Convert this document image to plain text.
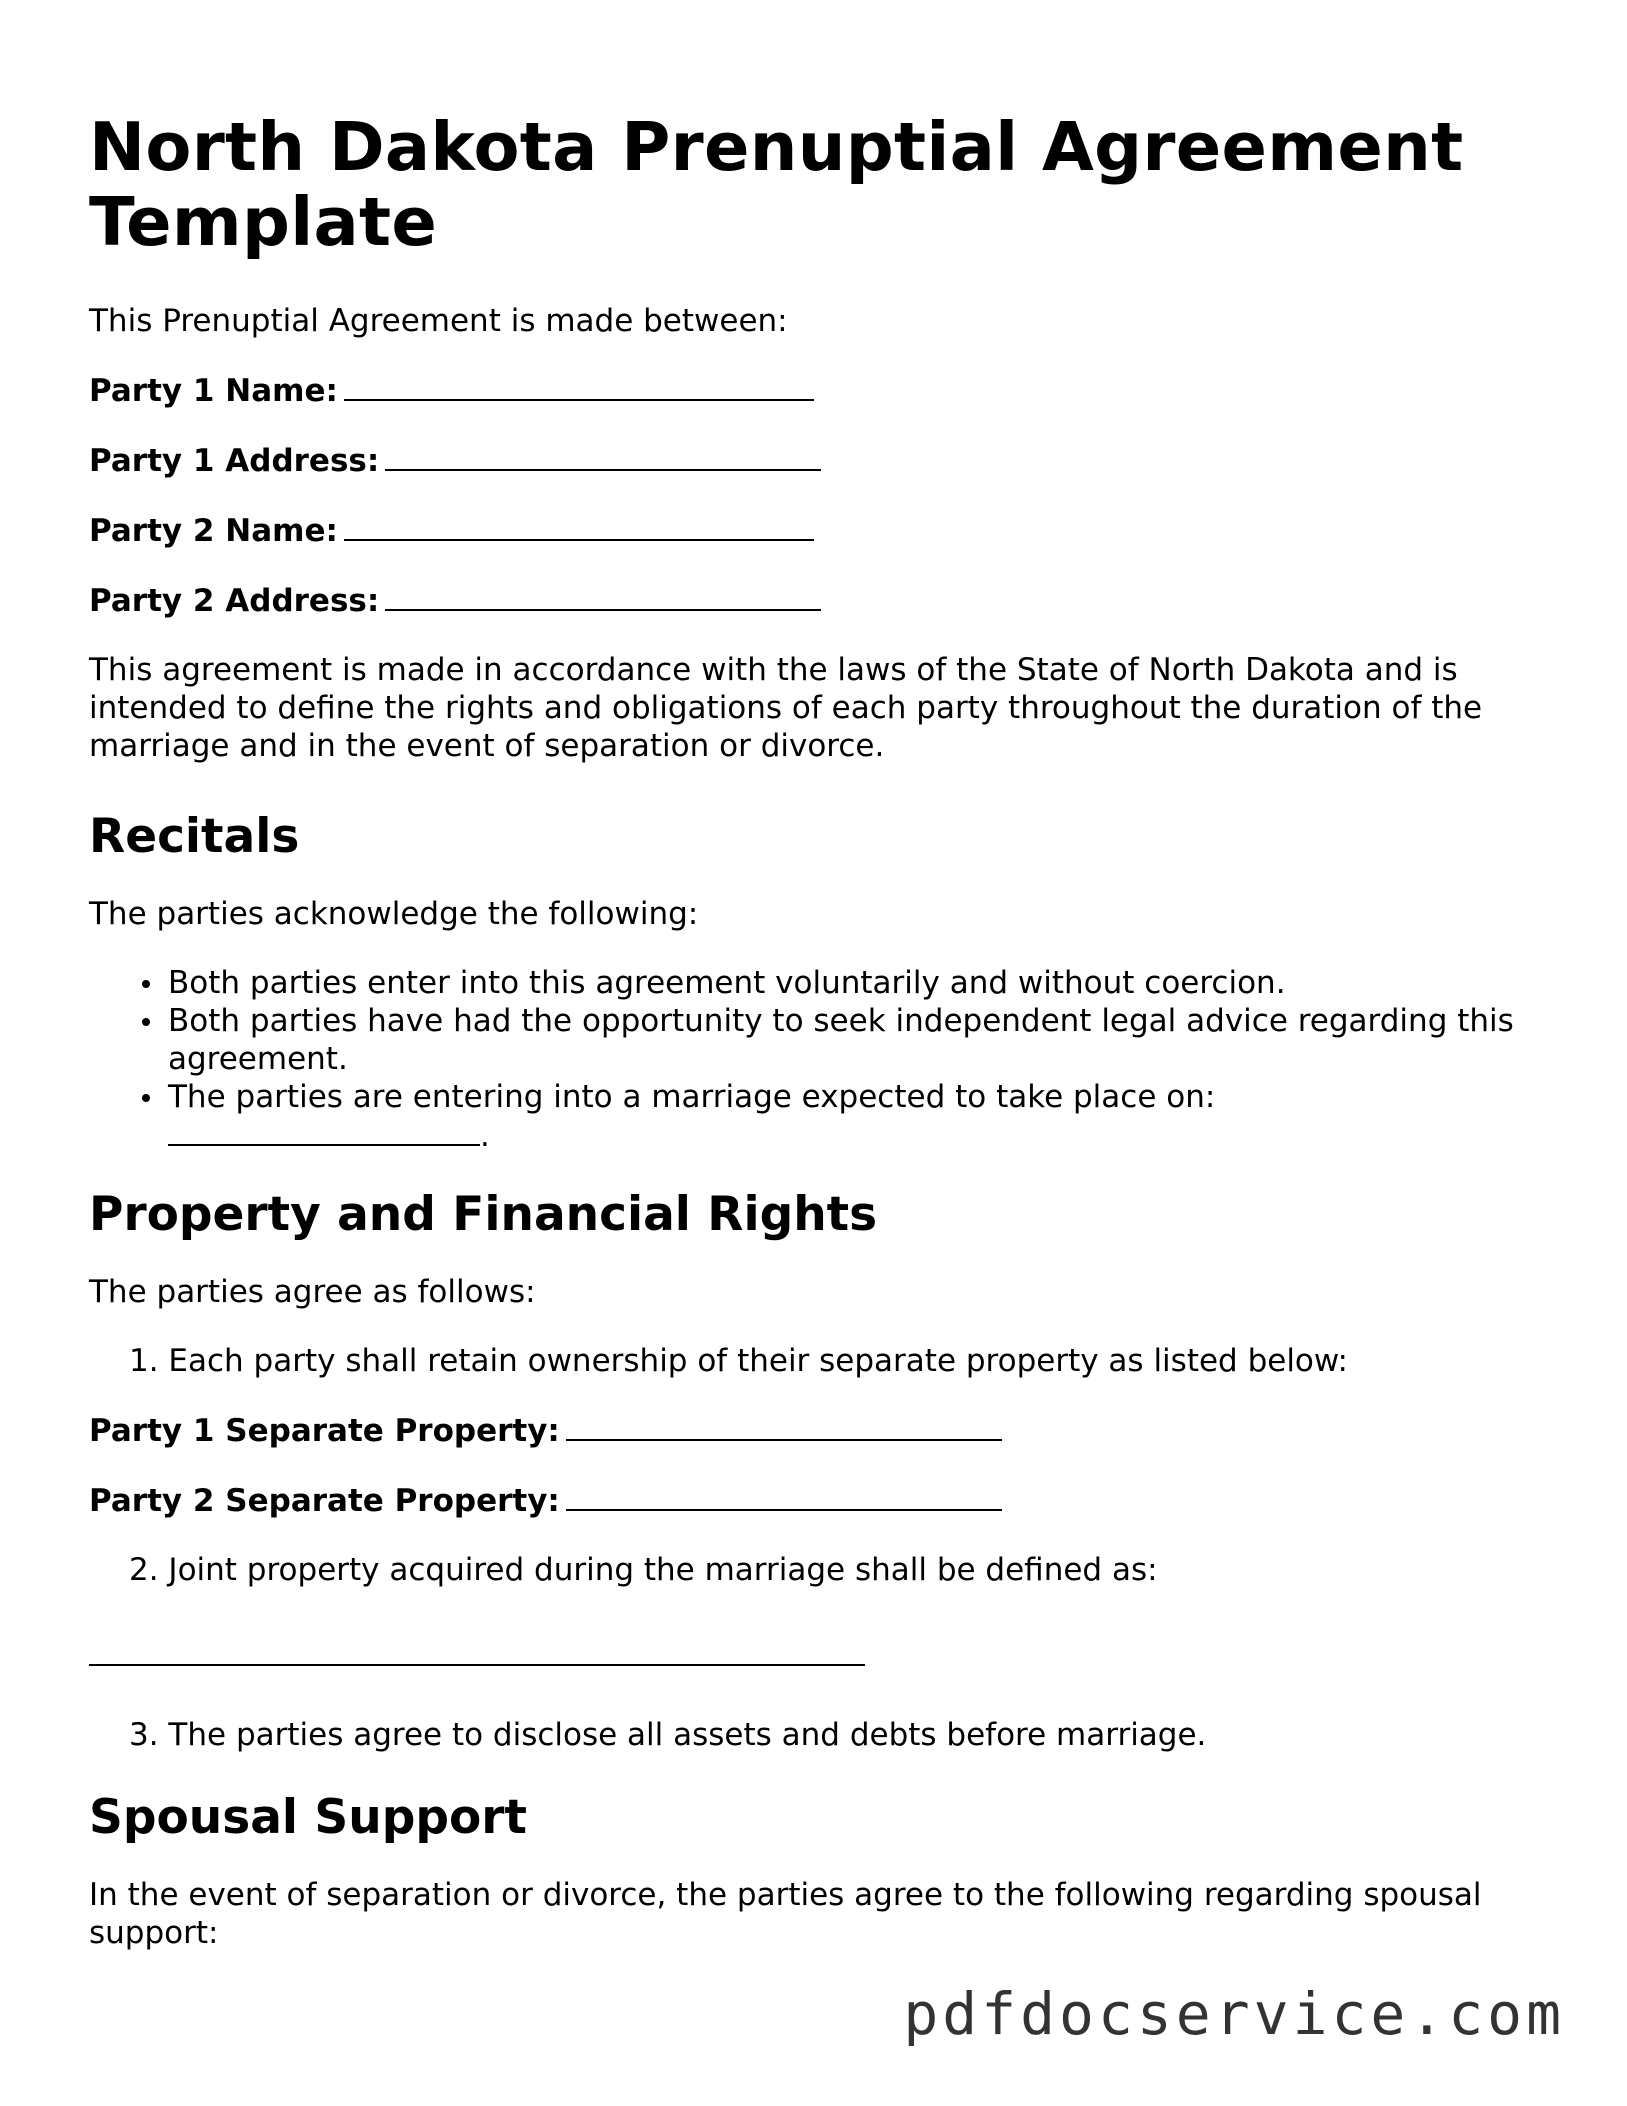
North Dakota Prenuptial Agreement Template

This Prenuptial Agreement is made between:

Party 1 Name:
Party 1 Address:
Party 2 Name:
Party 2 Address:

This agreement is made in accordance with the laws of the State of North Dakota and is intended to define the rights and obligations of each party throughout the duration of the marriage and in the event of separation or divorce.

Recitals

The parties acknowledge the following:

Both parties enter into this agreement voluntarily and without coercion.
Both parties have had the opportunity to seek independent legal advice regarding this agreement.
The parties are entering into a marriage expected to take place on:
.
Property and Financial Rights

The parties agree as follows:

1. Each party shall retain ownership of their separate property as listed below:
Party 1 Separate Property:
Party 2 Separate Property:
2. Joint property acquired during the marriage shall be defined as:
3. The parties agree to disclose all assets and debts before marriage.
Spousal Support

In the event of separation or divorce, the parties agree to the following regarding spousal support:

pdfdocservice.com
